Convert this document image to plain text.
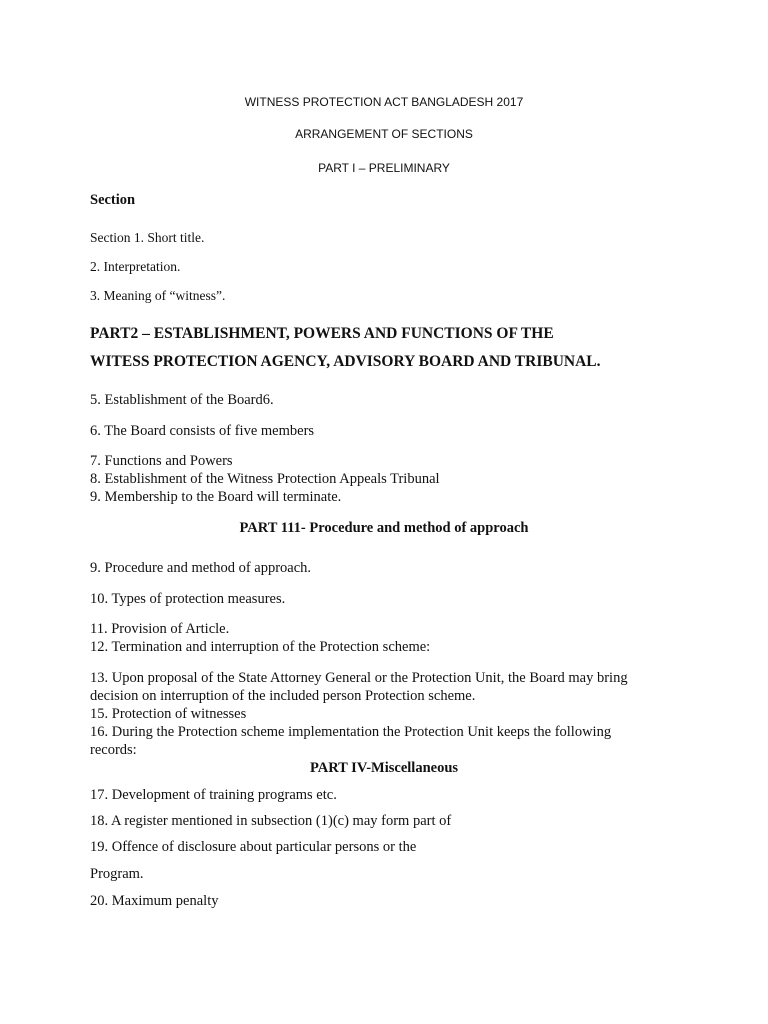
WITNESS PROTECTION ACT BANGLADESH 2017
ARRANGEMENT OF SECTIONS
PART I – PRELIMINARY
Section
Section 1. Short title.
2. Interpretation.
3. Meaning of “witness”.
PART2 – ESTABLISHMENT, POWERS AND FUNCTIONS OF THE
WITESS PROTECTION AGENCY, ADVISORY BOARD AND TRIBUNAL.
5. Establishment of the Board6.
6. The Board consists of five members
7. Functions and Powers
8. Establishment of the Witness Protection Appeals Tribunal
9. Membership to the Board will terminate.
PART 111- Procedure and method of approach
9. Procedure and method of approach.
10. Types of protection measures.
11. Provision of Article.
12. Termination and interruption of the Protection scheme:
13. Upon proposal of the State Attorney General or the Protection Unit, the Board may bring decision on interruption of the included person Protection scheme.
15. Protection of witnesses
16. During the Protection scheme implementation the Protection Unit keeps the following records:
PART IV-Miscellaneous
17. Development of training programs etc.
18. A register mentioned in subsection (1)(c) may form part of
19. Offence of disclosure about particular persons or the
Program.
20. Maximum penalty
